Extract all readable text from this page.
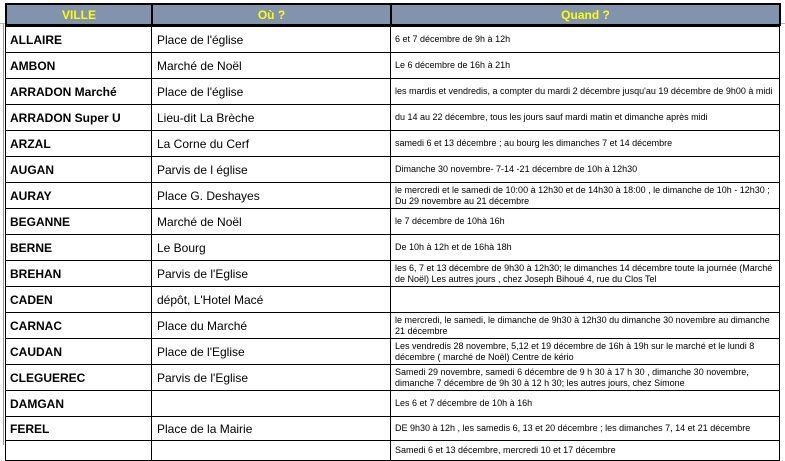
VILLE	Où ?	Quand ?
ALLAIRE	Place de l'église	6 et 7 décembre de 9h à 12h
AMBON	Marché de Noël	Le 6 décembre de 16h à 21h
ARRADON Marché	Place de l'église	les mardis et vendredis, a compter du mardi 2 décembre jusqu'au 19 décembre de 9h00 à midi
ARRADON Super U	Lieu-dit La Brèche	du 14 au 22 décembre, tous les jours sauf mardi matin et dimanche après midi
ARZAL	La Corne du Cerf	samedi 6 et 13 décembre ; au bourg les dimanches 7 et 14 décembre
AUGAN	Parvis de l église	Dimanche 30 novembre- 7-14 -21 décembre de 10h à 12h30
AURAY	Place G. Deshayes	le mercredi et le samedi de 10:00 à 12h30 et de 14h30 à 18:00 , le dimanche de 10h - 12h30 ; Du 29 novembre au 21 décembre
BEGANNE	Marché de Noël	le 7 décembre de 10hà 16h
BERNE	Le Bourg	De 10h à 12h et de 16hà 18h
BREHAN	Parvis de l'Eglise	les 6, 7 et 13 décembre de 9h30 à 12h30; le dimanches 14 décembre toute la journée (Marché de Noël) Les autres jours , chez Joseph Bihoué 4, rue du Clos Tel
CADEN	dépôt, L'Hotel Macé	
CARNAC	Place du Marché	le mercredi, le samedi, le dimanche de 9h30 à 12h30 du dimanche 30 novembre au dimanche 21 décembre
CAUDAN	Place de l'Eglise	Les vendredis 28 novembre, 5,12 et 19 décembre de 16h à 19h sur le marché et le lundi 8 décembre ( marché de Noël) Centre de kério
CLEGUEREC	Parvis de l'Eglise	Samedi 29 novembre, samedi 6 décembre de 9 h 30 à 17 h 30 , dimanche 30 novembre, dimanche 7 décembre de 9h 30 à 12 h 30; les autres jours, chez Simone
DAMGAN		Les 6 et 7 décembre de 10h à 16h
FEREL	Place de la Mairie	DE 9h30 à 12h , les samedis 6, 13 et 20 décembre ; les dimanches 7, 14 et 21 décembre
		Samedi 6 et 13 décembre, mercredi 10 et 17 décembre
